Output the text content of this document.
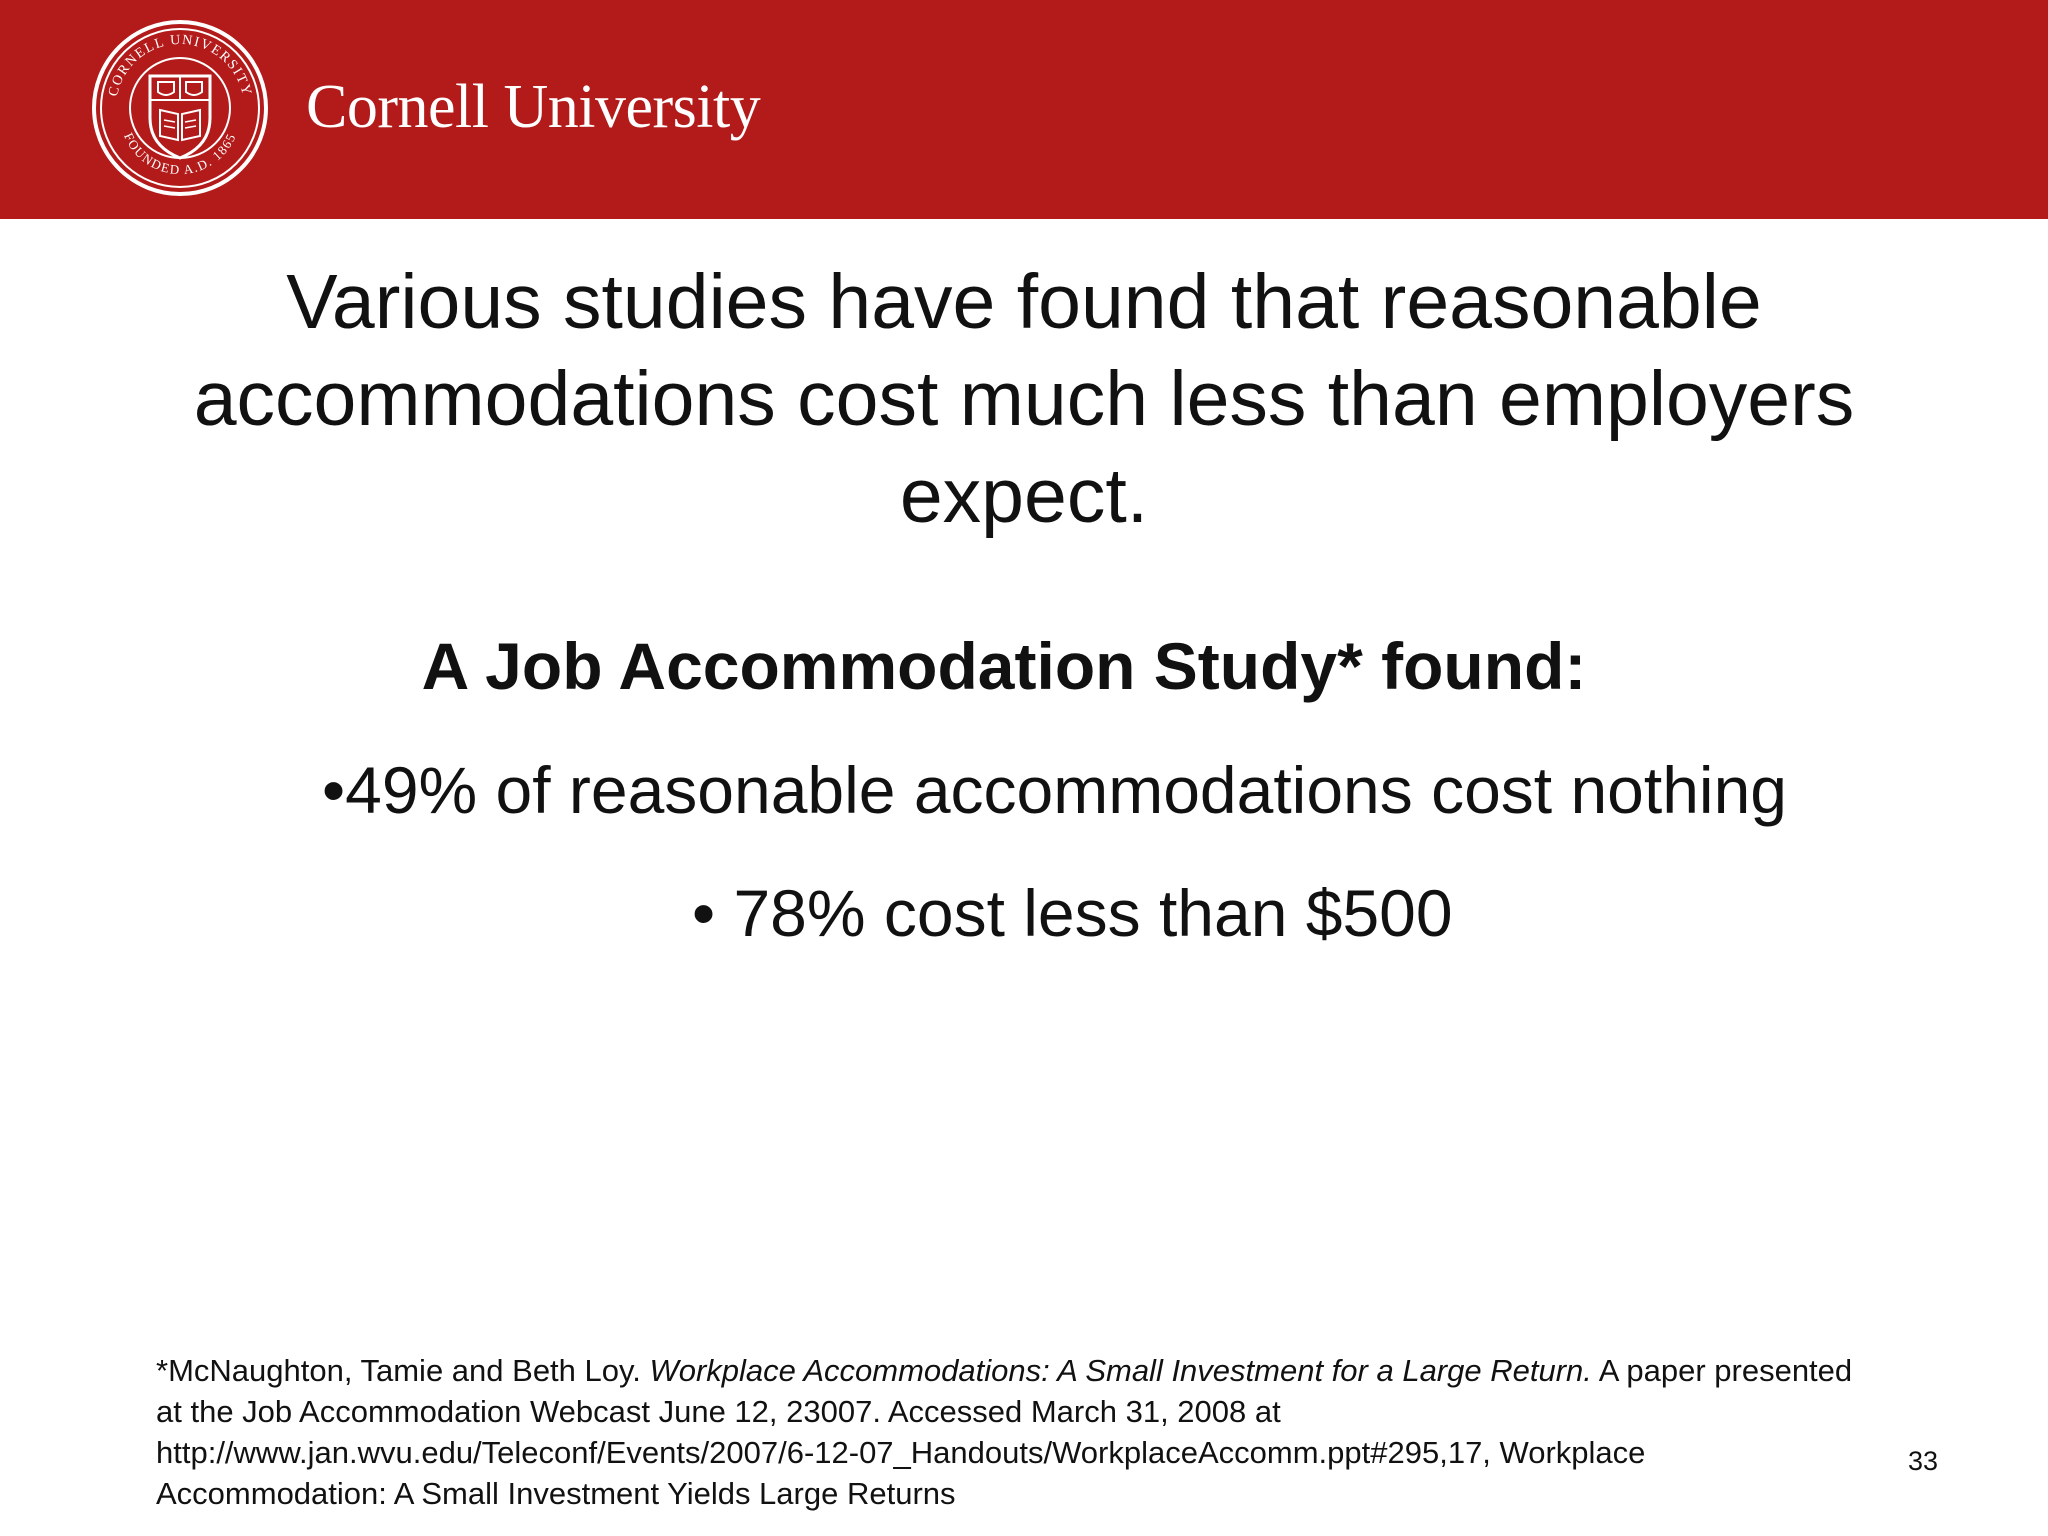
CORNELL UNIVERSITY
FOUNDED A.D. 1865 Cornell University
Various studies have found that reasonable accommodations cost much less than employers expect.
A Job Accommodation Study* found:
•49% of reasonable accommodations cost nothing
• 78% cost less than $500
*McNaughton, Tamie and Beth Loy. Workplace Accommodations: A Small Investment for a Large Return. A paper presented at the Job Accommodation Webcast June 12, 23007. Accessed March 31, 2008 at http://www.jan.wvu.edu/Teleconf/Events/2007/6-12-07_Handouts/WorkplaceAccomm.ppt#295,17, Workplace Accommodation: A Small Investment Yields Large Returns
33
